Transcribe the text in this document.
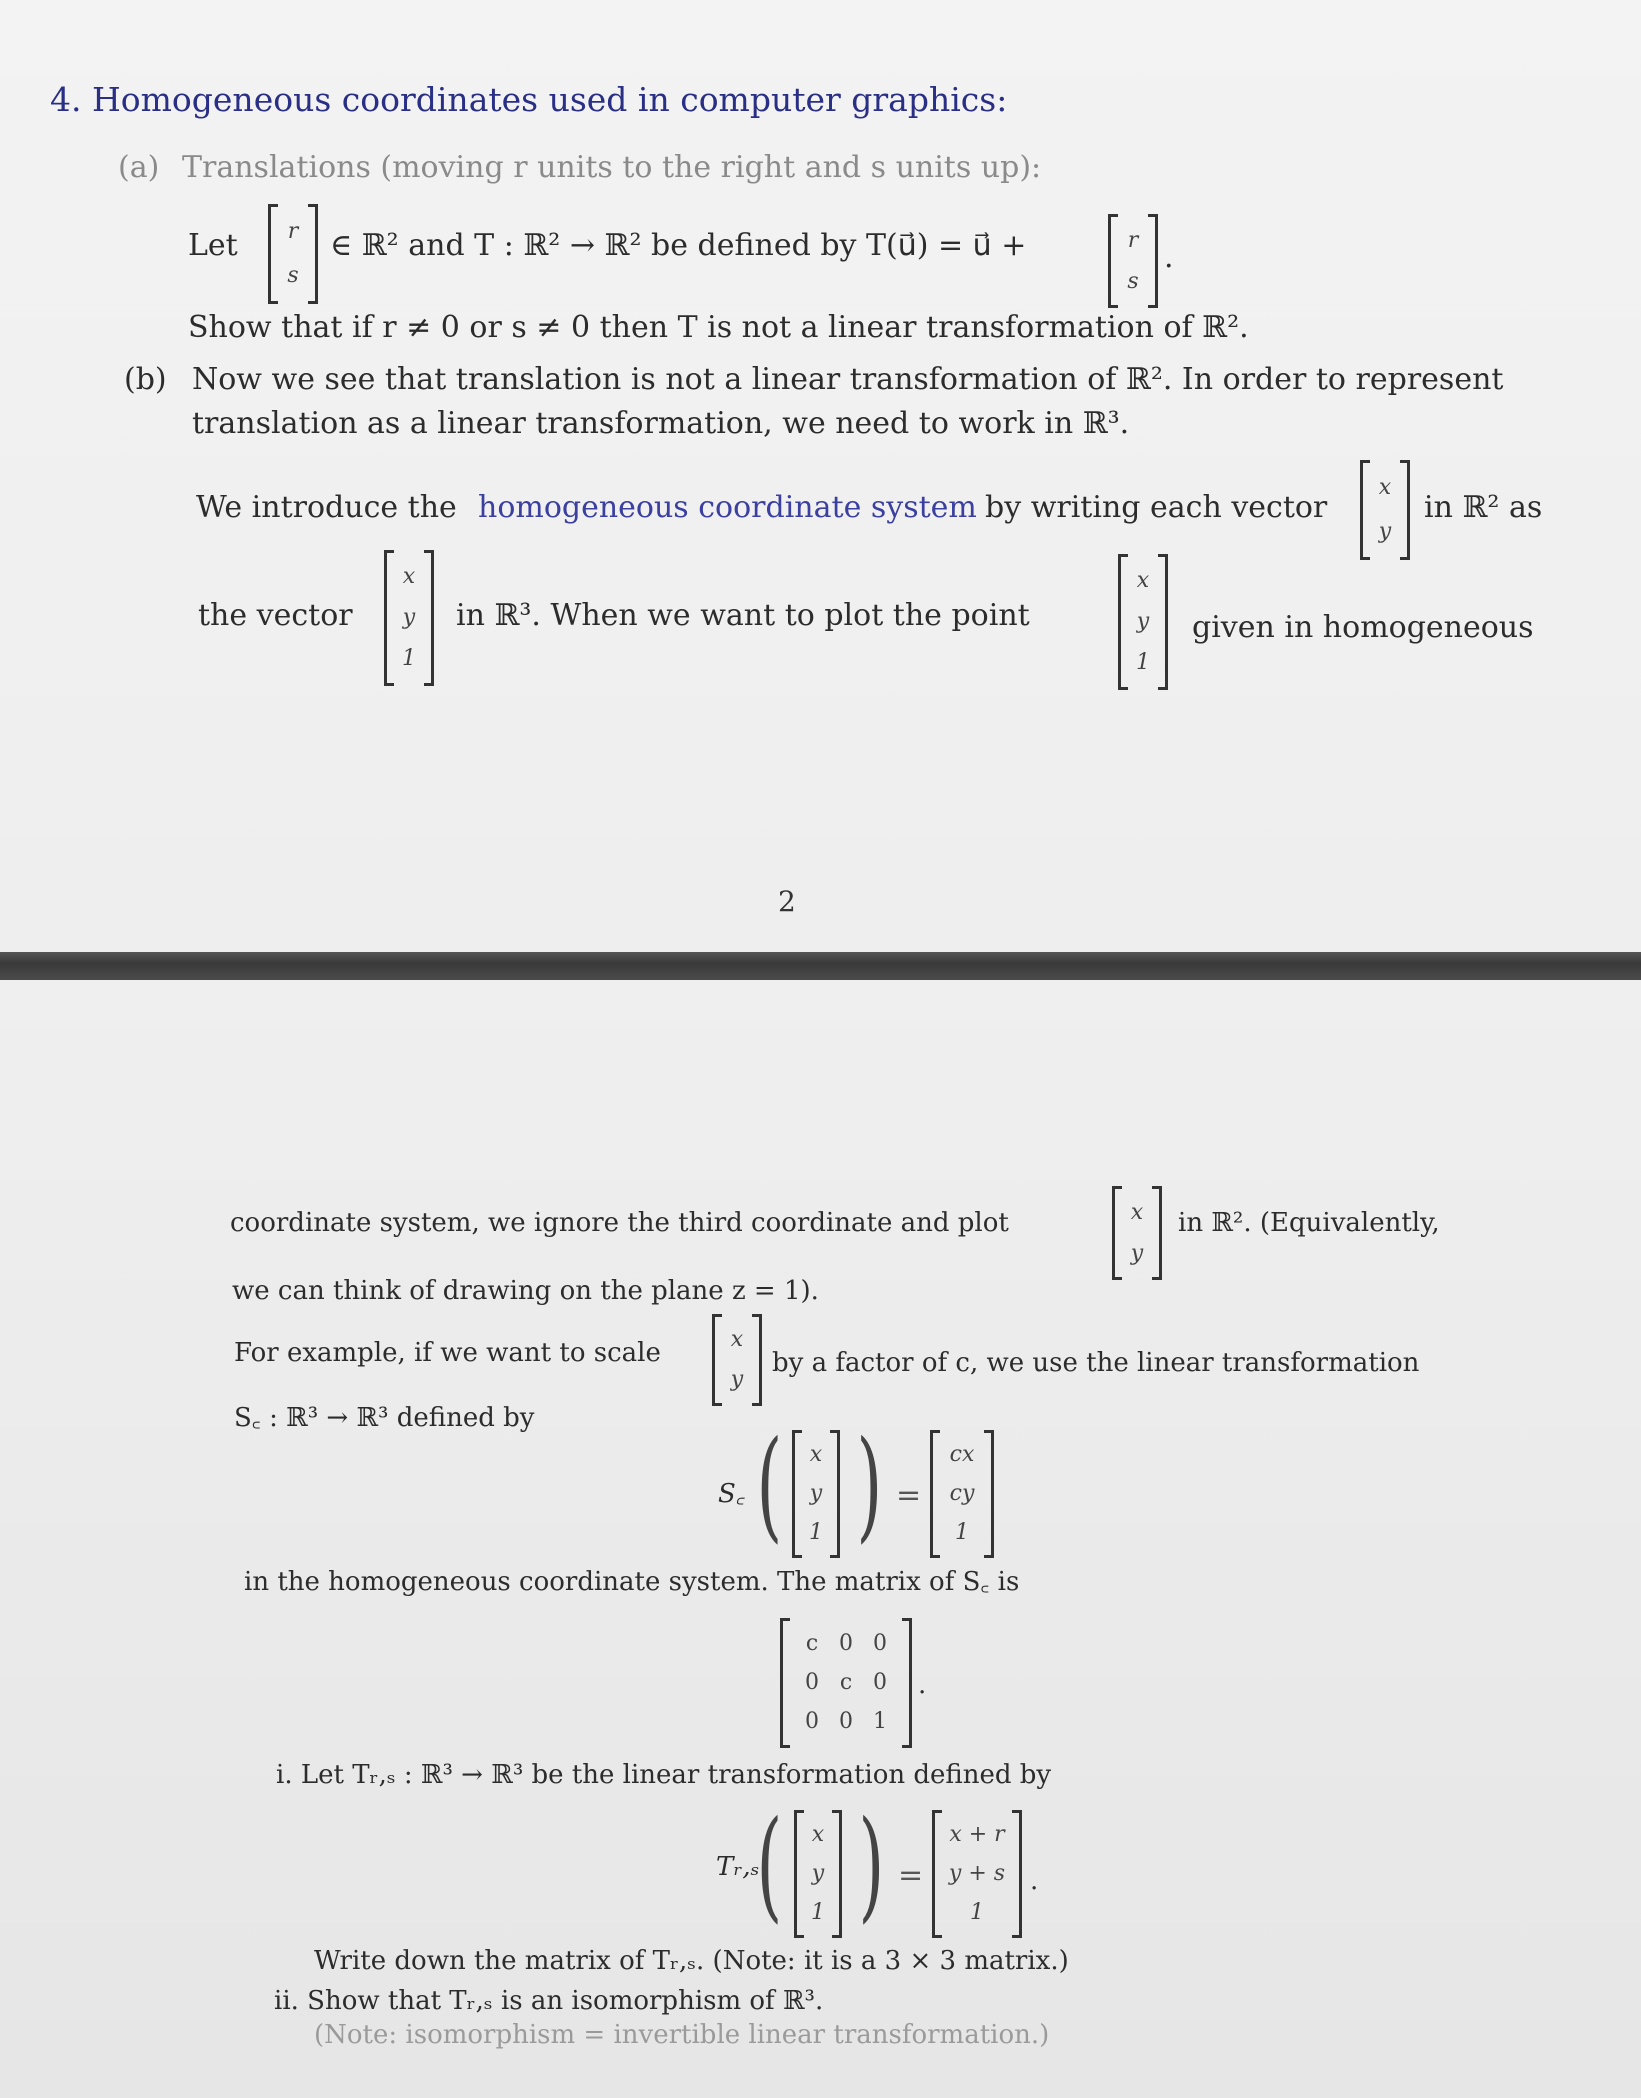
4. Homogeneous coordinates used in computer graphics:
(a) Translations (moving r units to the right and s units up):
Let r
s
∈ ℝ² and T : ℝ² → ℝ² be defined by T(u⃗) = u⃗ +	r
s
.
Show that if r ≠ 0 or s ≠ 0 then T is not a linear transformation of ℝ².
(b) Now we see that translation is not a linear transformation of ℝ². In order to represent
translation as a linear transformation, we need to work in ℝ³.
We introduce the homogeneous coordinate system by writing each vector
x
y
in ℝ² as
the vector
x
y
1
in ℝ³. When we want to plot the point
x
y
1
given in homogeneous
2
coordinate system, we ignore the third coordinate and plot	x
y
in ℝ². (Equivalently,
we can think of drawing on the plane z = 1).
For example, if we want to scale	x
y
by a factor of c, we use the linear transformation
S꜀ : ℝ³ → ℝ³ defined by
S꜀ ( x
y
1 ) =
cx
cy
1
in the homogeneous coordinate system. The matrix of S꜀ is
c 0 0
0 c 0
0 0 1
.
i. Let Tᵣ,ₛ : ℝ³ → ℝ³ be the linear transformation defined by
Tᵣ,ₛ
( x
y
1 ) =
x + r
y + s
1
.
Write down the matrix of Tᵣ,ₛ. (Note: it is a 3 × 3 matrix.)
ii. Show that Tᵣ,ₛ is an isomorphism of ℝ³.
(Note: isomorphism = invertible linear transformation.)
